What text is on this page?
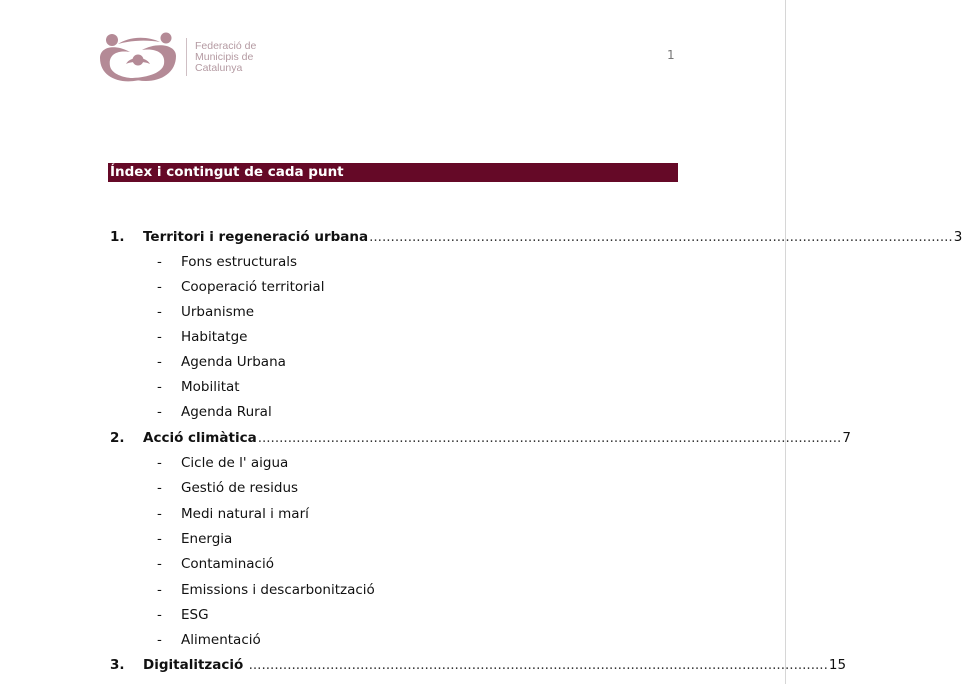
Federació de
Municipis de
Catalunya
1
Índex i contingut de cada punt
1.	Territori i regeneració urbana ........................................................................................................................................ 3
-	Fons estructurals
-	Cooperació territorial
-	Urbanisme
-	Habitatge
-	Agenda Urbana
-	Mobilitat
-	Agenda Rural
2.	Acció climàtica ........................................................................................................................................ 7
-	Cicle de l' aigua
-	Gestió de residus
-	Medi natural i marí
-	Energia
-	Contaminació
-	Emissions i descarbonització
-	ESG
-	Alimentació
3.	Digitalització ....................................................................................................................................... 15
